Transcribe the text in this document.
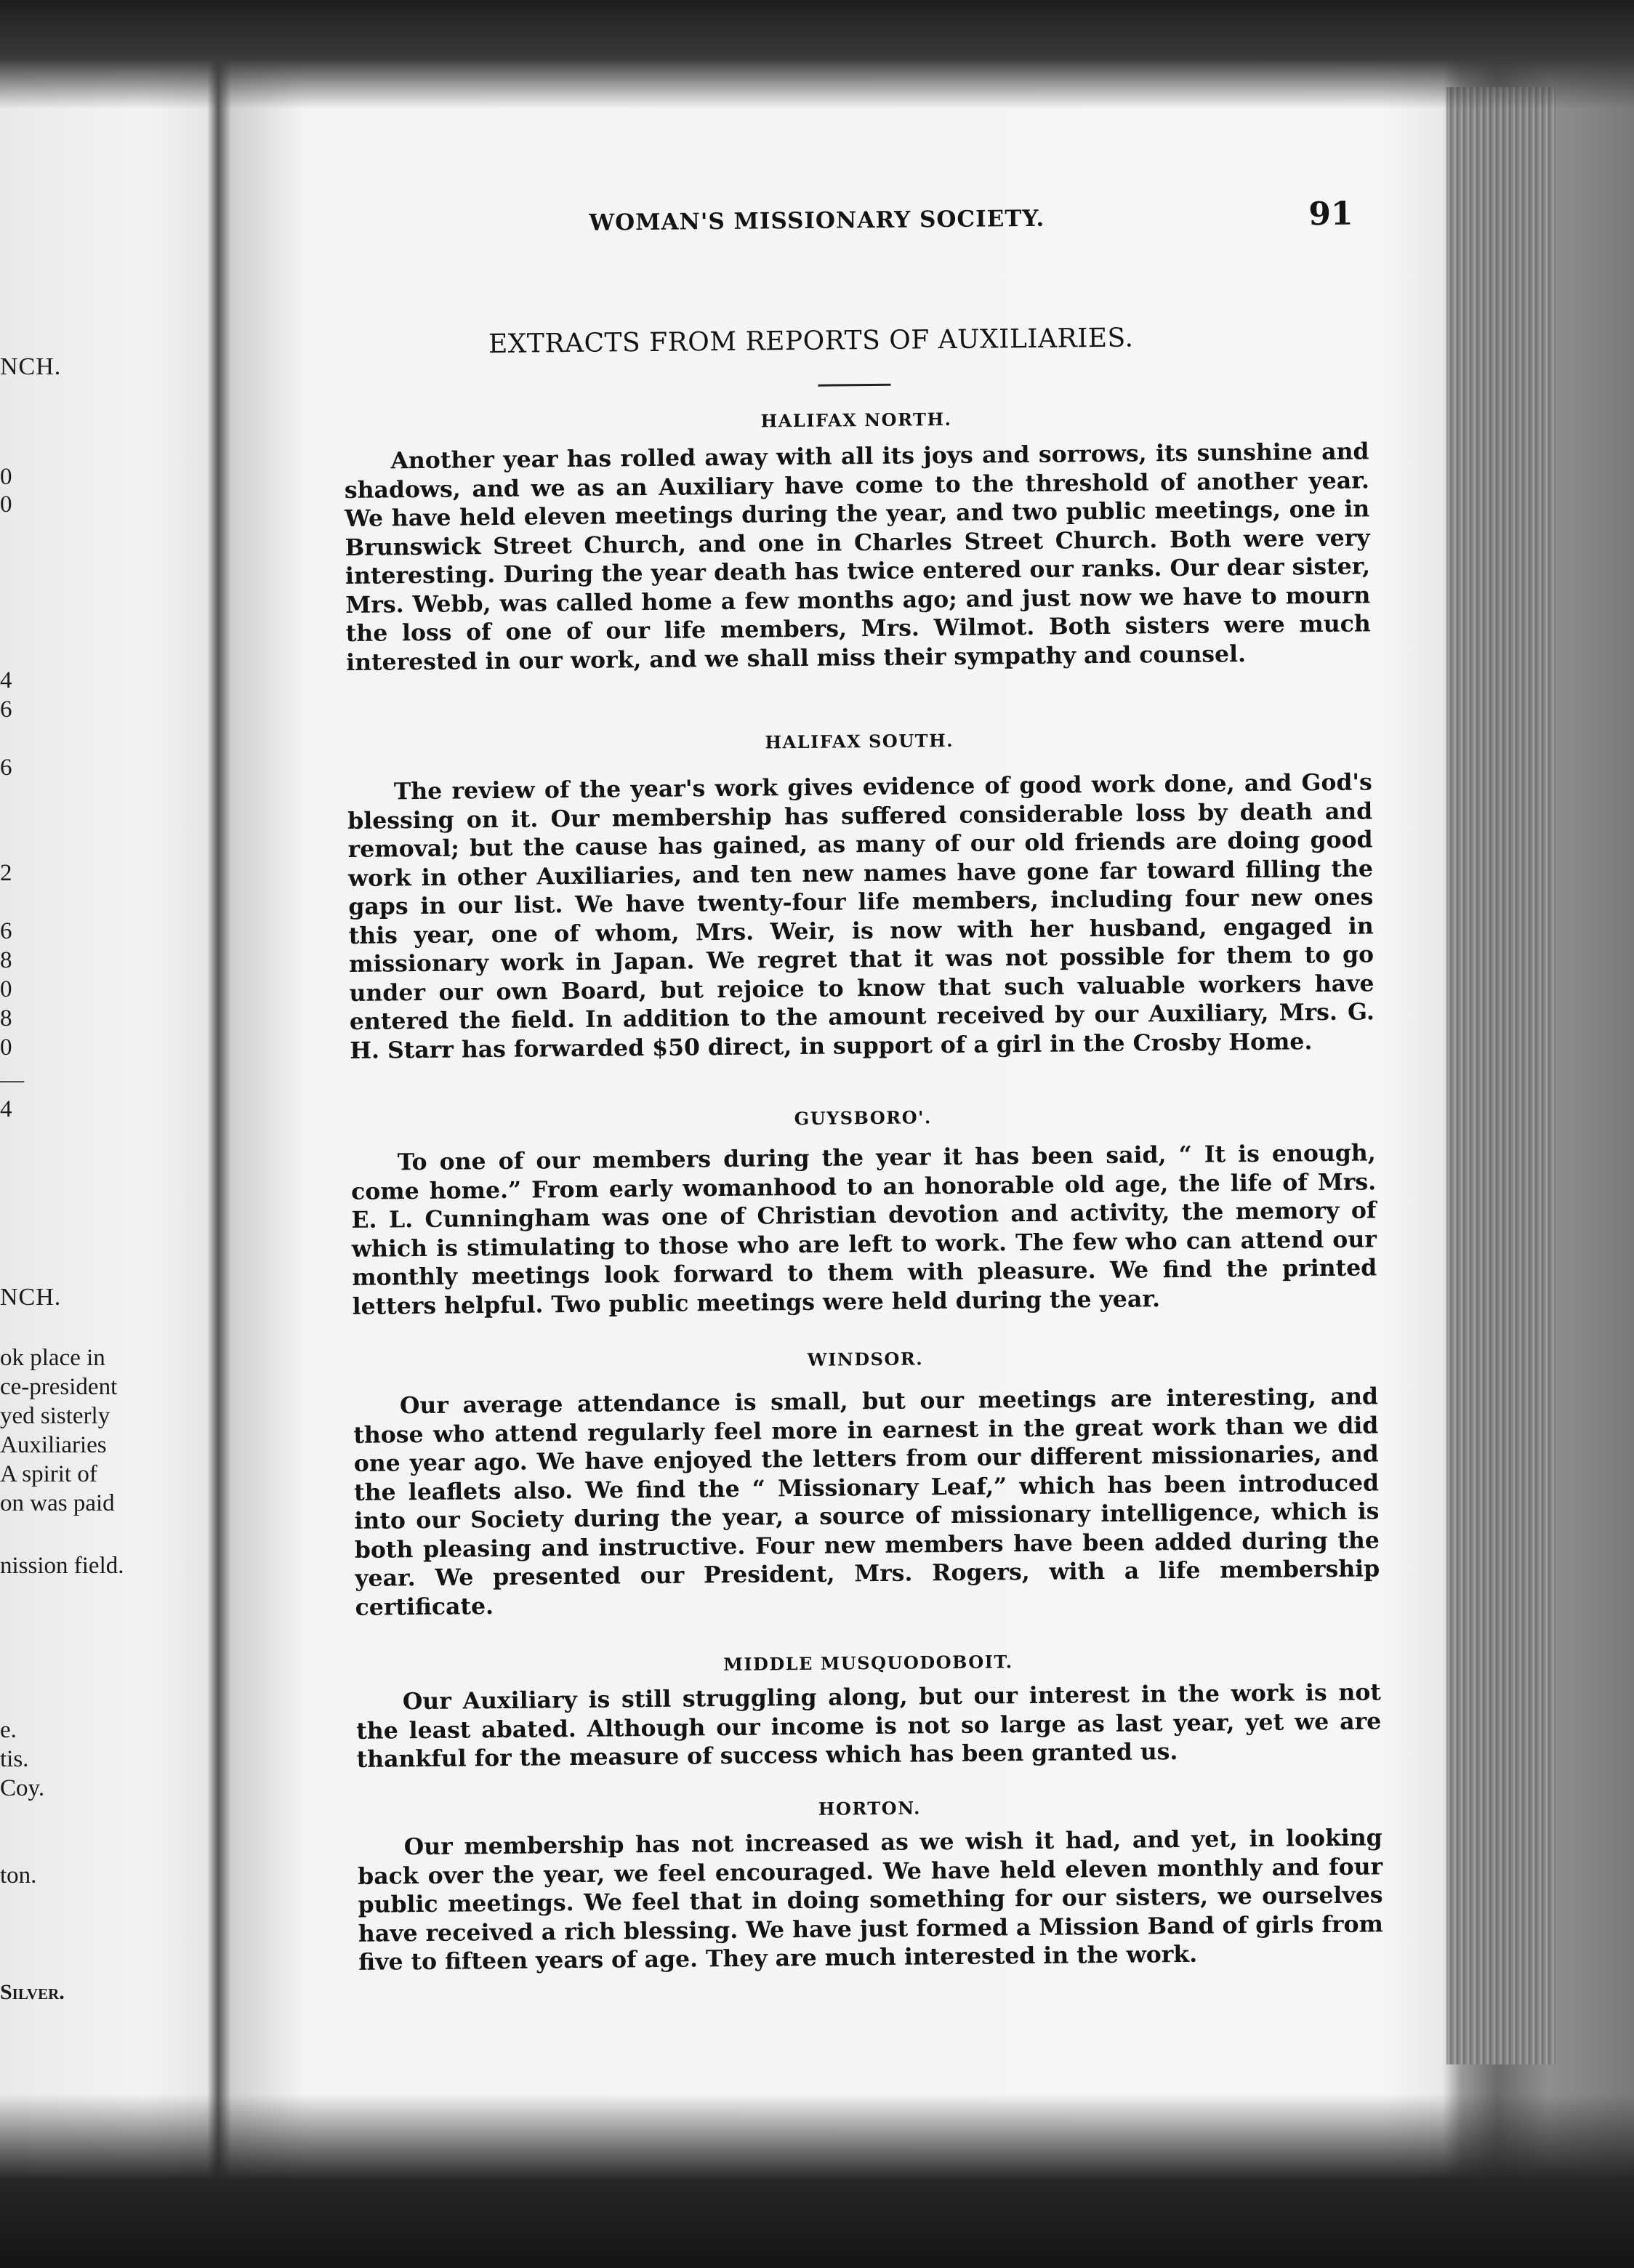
NCH.
0
0
4
6
6
2
6
8
0
8
0
—
4
NCH.
ok place in
ce-president
yed sisterly
Auxiliaries
A spirit of
on was paid
nission field.
e.
tis.
Coy.
ton.
Silver.
WOMAN'S MISSIONARY SOCIETY.	91
EXTRACTS FROM REPORTS OF AUXILIARIES.
HALIFAX NORTH.
Another year has rolled away with all its joys and sorrows, its sunshine and shadows, and we as an Auxiliary have come to the threshold of another year. We have held eleven meetings during the year, and two public meetings, one in Brunswick Street Church, and one in Charles Street Church. Both were very interesting. During the year death has twice entered our ranks. Our dear sister, Mrs. Webb, was called home a few months ago; and just now we have to mourn the loss of one of our life members, Mrs. Wilmot. Both sisters were much interested in our work, and we shall miss their sympathy and counsel.
HALIFAX SOUTH.
The review of the year's work gives evidence of good work done, and God's blessing on it. Our membership has suffered considerable loss by death and removal; but the cause has gained, as many of our old friends are doing good work in other Auxiliaries, and ten new names have gone far toward filling the gaps in our list. We have twenty-four life members, including four new ones this year, one of whom, Mrs. Weir, is now with her husband, engaged in missionary work in Japan. We regret that it was not possible for them to go under our own Board, but rejoice to know that such valuable workers have entered the field. In addition to the amount received by our Auxiliary, Mrs. G. H. Starr has forwarded $50 direct, in support of a girl in the Crosby Home.
GUYSBORO'.
To one of our members during the year it has been said, “ It is enough, come home.” From early womanhood to an honorable old age, the life of Mrs. E. L. Cunningham was one of Christian devotion and activity, the memory of which is stimulating to those who are left to work. The few who can attend our monthly meetings look forward to them with pleasure. We find the printed letters helpful. Two public meetings were held during the year.
WINDSOR.
Our average attendance is small, but our meetings are interesting, and those who attend regularly feel more in earnest in the great work than we did one year ago. We have enjoyed the letters from our different missionaries, and the leaflets also. We find the “ Missionary Leaf,” which has been introduced into our Society during the year, a source of missionary intelligence, which is both pleasing and instructive. Four new members have been added during the year. We presented our President, Mrs. Rogers, with a life membership certificate.
MIDDLE MUSQUODOBOIT.
Our Auxiliary is still struggling along, but our interest in the work is not the least abated. Although our income is not so large as last year, yet we are thankful for the measure of success which has been granted us.
HORTON.
Our membership has not increased as we wish it had, and yet, in looking back over the year, we feel encouraged. We have held eleven monthly and four public meetings. We feel that in doing something for our sisters, we ourselves have received a rich blessing. We have just formed a Mission Band of girls from five to fifteen years of age. They are much interested in the work.
